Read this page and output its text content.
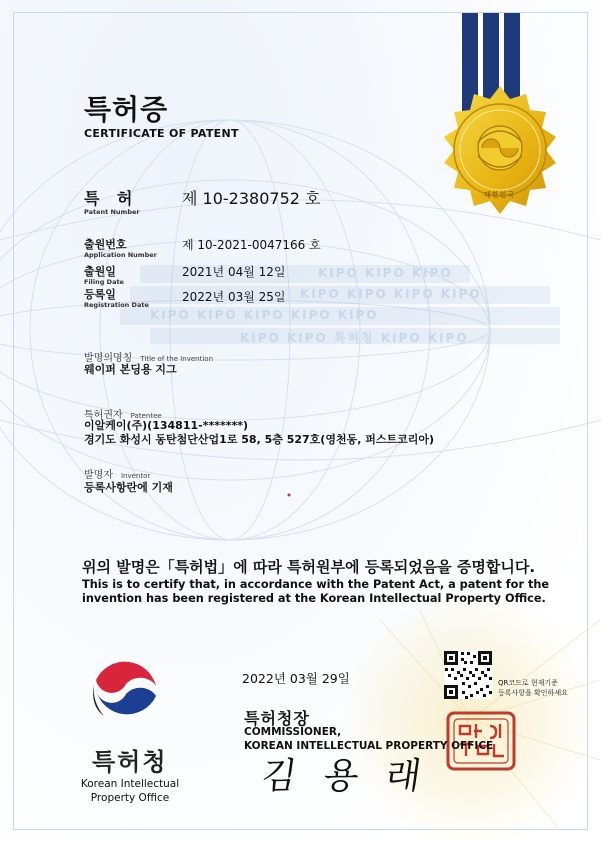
특허증
CERTIFICATE OF PATENT
대한민국
KIPO KIPO KIPO
KIPO KIPO KIPO KIPO
KIPO KIPO KIPO KIPO KIPO
KIPO KIPO 특허청 KIPO KIPO
특 허
Patent Number
제 10-2380752 호
출원번호
Application Number
제 10-2021-0047166 호
출원일
Filing Date
2021년 04월 12일
등록일
Registration Date
2022년 03월 25일
발명의명칭 Title of the Invention
웨이퍼 본딩용 지그
특허권자 Patentee
이알케이(주)(134811-*******)
경기도 화성시 동탄첨단산업1로 58, 5층 527호(영천동, 퍼스트코리아)
발명자 Inventor
등록사항란에 기재
위의 발명은「특허법」에 따라 특허원부에 등록되었음을 증명합니다.
This is to certify that, in accordance with the Patent Act, a patent for the invention has been registered at the Korean Intellectual Property Office.
2022년 03월 29일	QR코드로 현재기준
등록사항을 확인하세요
특허청장
COMMISSIONER,
KOREAN INTELLECTUAL PROPERTY OFFICE
김 용 래
특허청
Korean Intellectual Property Office
